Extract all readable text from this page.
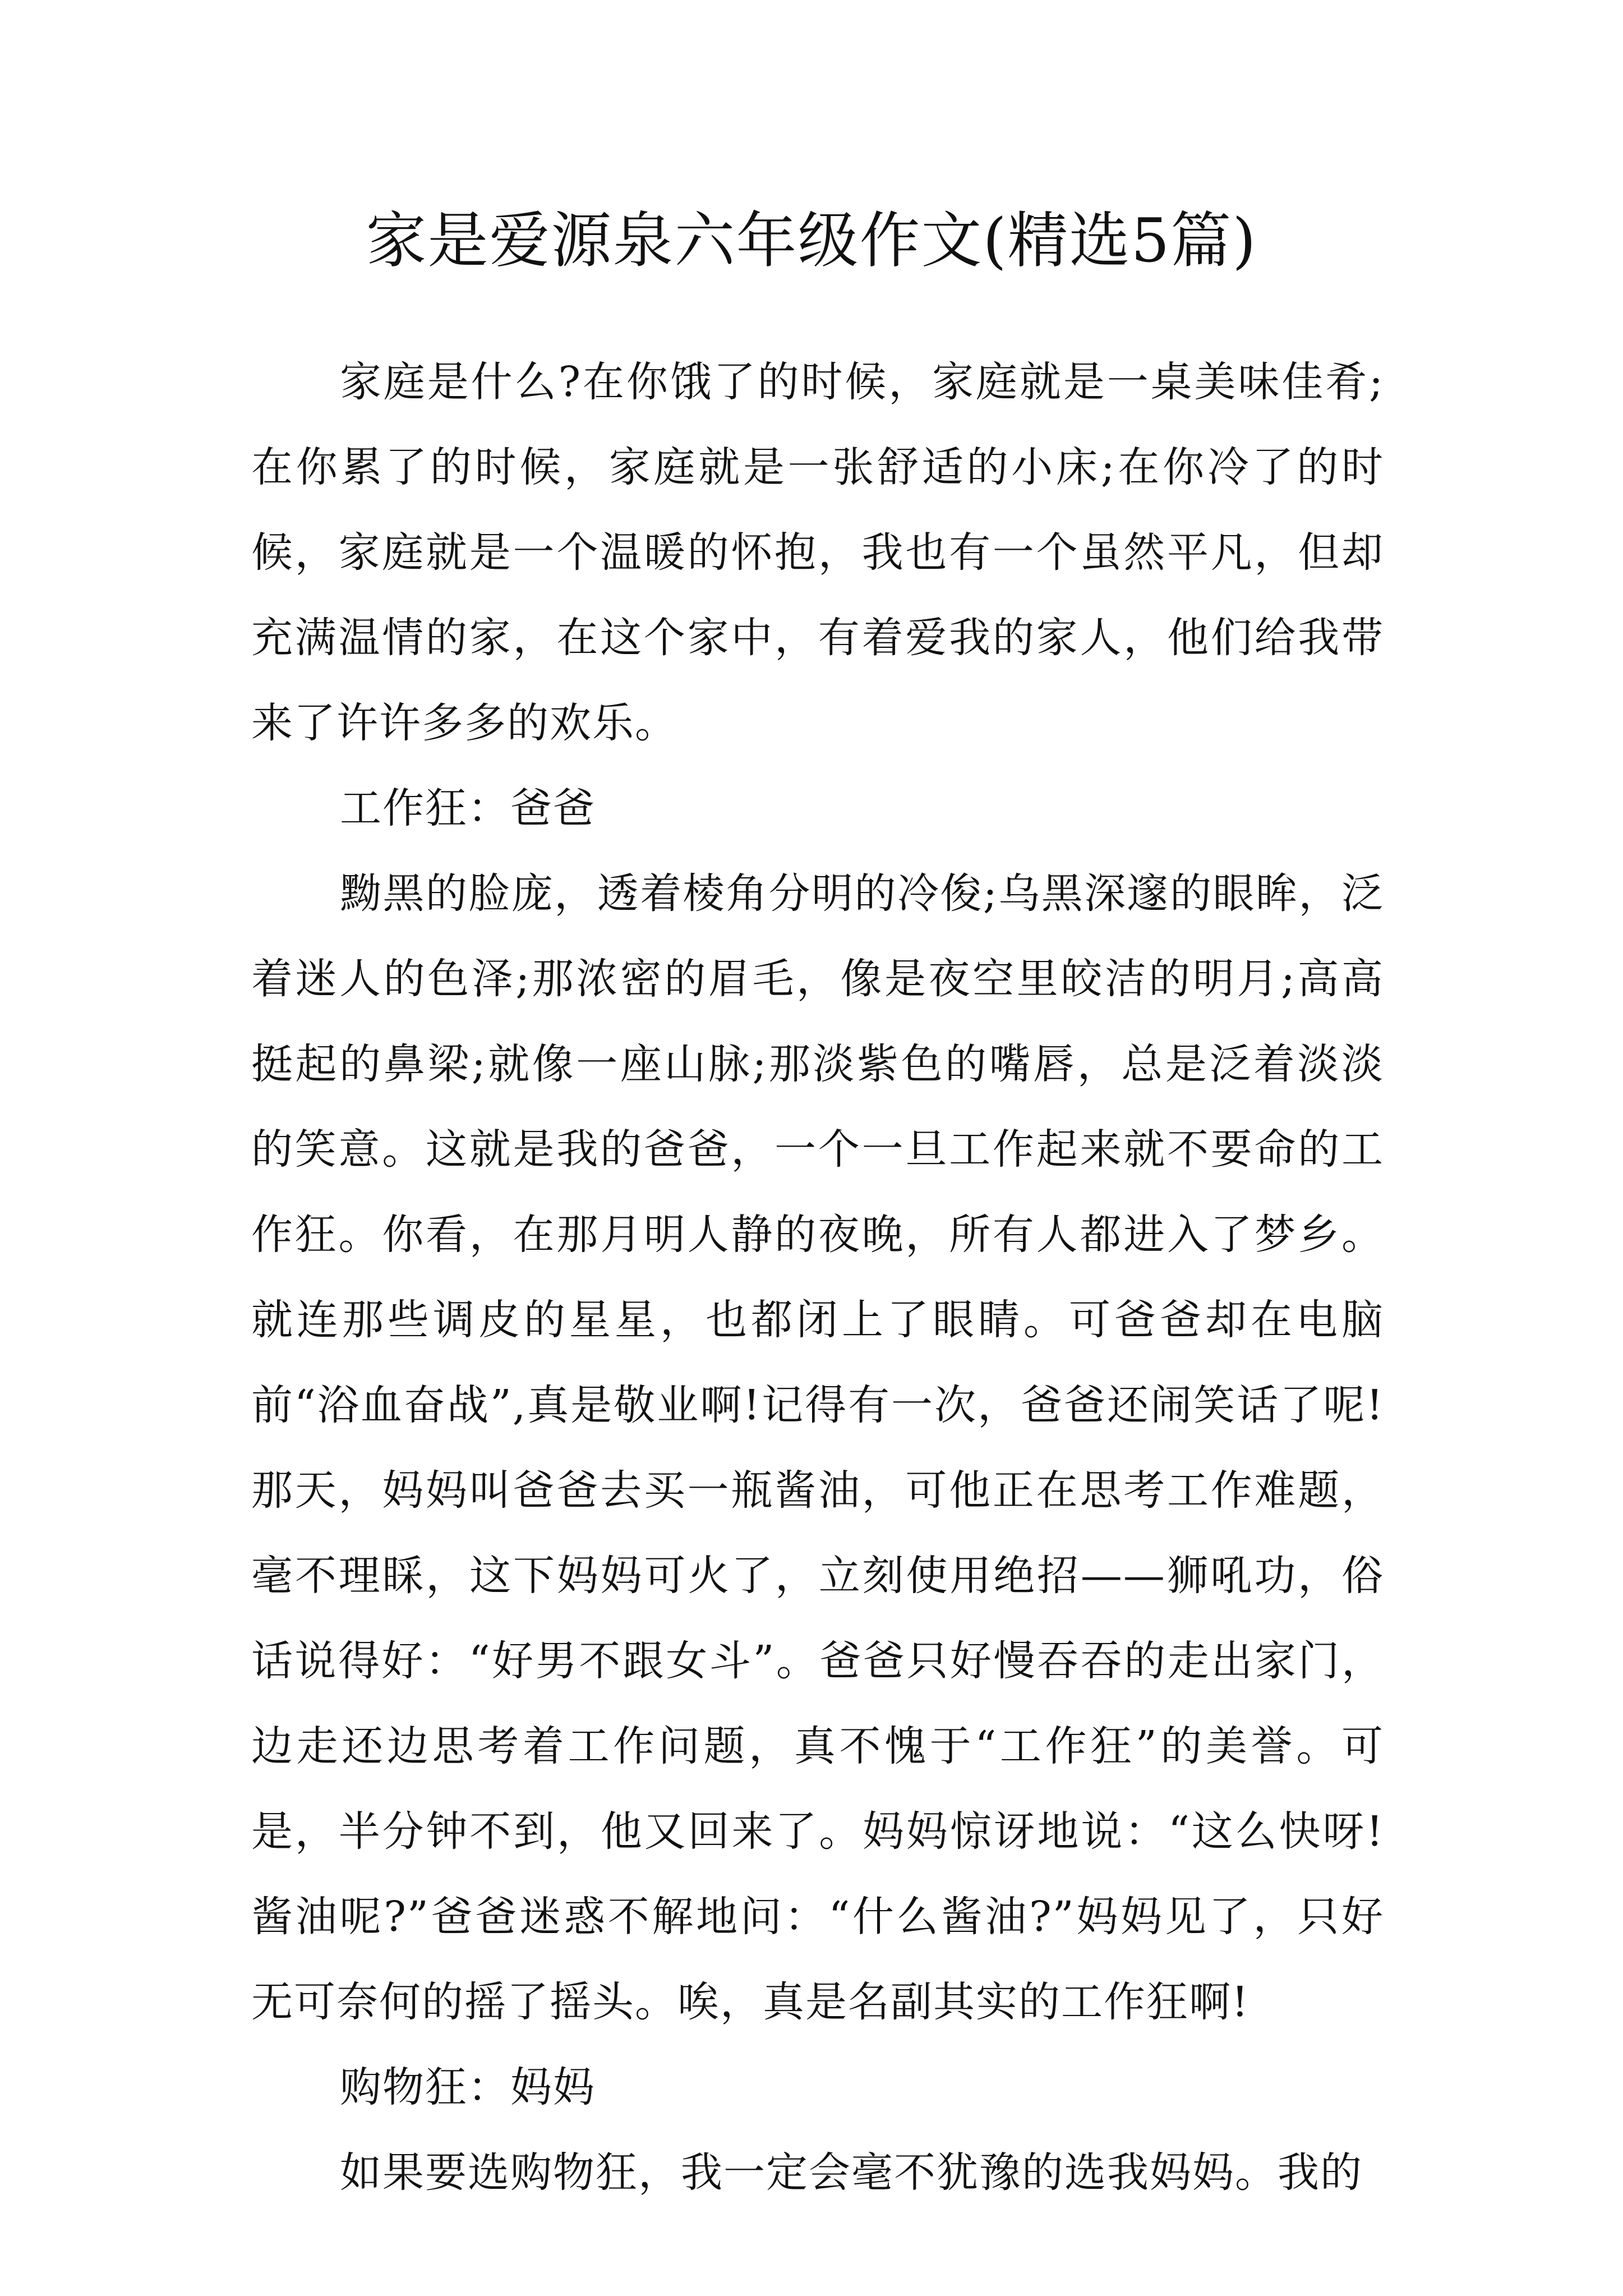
家是爱源泉六年级作文(精选5篇)

家庭是什么?在你饿了的时候，家庭就是一桌美味佳肴;在你累了的时候，家庭就是一张舒适的小床;在你冷了的时候，家庭就是一个温暖的怀抱，我也有一个虽然平凡，但却充满温情的家，在这个家中，有着爱我的家人，他们给我带来了许许多多的欢乐。

工作狂：爸爸

黝黑的脸庞，透着棱角分明的冷俊;乌黑深邃的眼眸，泛着迷人的色泽;那浓密的眉毛，像是夜空里皎洁的明月;高高挺起的鼻梁;就像一座山脉;那淡紫色的嘴唇，总是泛着淡淡的笑意。这就是我的爸爸，一个一旦工作起来就不要命的工作狂。你看，在那月明人静的夜晚，所有人都进入了梦乡。就连那些调皮的星星，也都闭上了眼睛。可爸爸却在电脑前“浴血奋战”,真是敬业啊!记得有一次，爸爸还闹笑话了呢!那天，妈妈叫爸爸去买一瓶酱油，可他正在思考工作难题，毫不理睬，这下妈妈可火了，立刻使用绝招——狮吼功，俗话说得好：“好男不跟女斗”。爸爸只好慢吞吞的走出家门，边走还边思考着工作问题，真不愧于“工作狂”的美誉。可是，半分钟不到，他又回来了。妈妈惊讶地说：“这么快呀!酱油呢?”爸爸迷惑不解地问：“什么酱油?”妈妈见了，只好无可奈何的摇了摇头。唉，真是名副其实的工作狂啊!

购物狂：妈妈

如果要选购物狂，我一定会毫不犹豫的选我妈妈。我的
